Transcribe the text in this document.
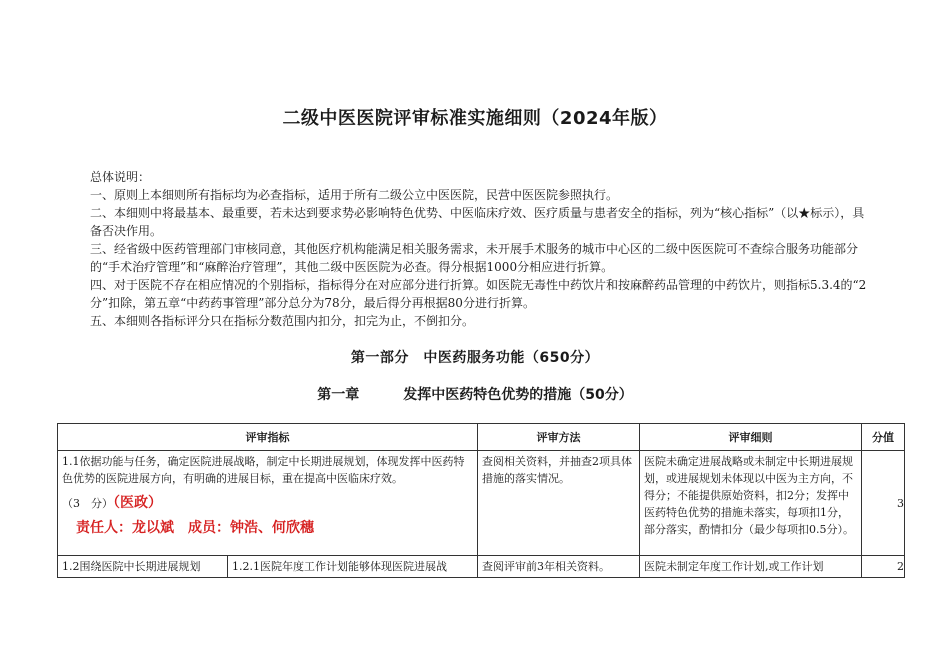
二级中医医院评审标准实施细则（2024年版）

总体说明：

一、原则上本细则所有指标均为必查指标，适用于所有二级公立中医医院，民营中医医院参照执行。

二、本细则中将最基本、最重要，若未达到要求势必影响特色优势、中医临床疗效、医疗质量与患者安全的指标，列为“核心指标”（以★标示），具备否决作用。

三、经省级中医药管理部门审核同意，其他医疗机构能满足相关服务需求，未开展手术服务的城市中心区的二级中医医院可不查综合服务功能部分的“手术治疗管理”和“麻醉治疗管理”，其他二级中医医院为必查。得分根据1000分相应进行折算。

四、对于医院不存在相应情况的个别指标，指标得分在对应部分进行折算。如医院无毒性中药饮片和按麻醉药品管理的中药饮片，则指标5.3.4的“2分”扣除，第五章“中药药事管理”部分总分为78分，最后得分再根据80分进行折算。

五、本细则各指标评分只在指标分数范围内扣分，扣完为止，不倒扣分。

第一部分　中医药服务功能（650分）
第一章	发挥中医药特色优势的措施（50分）
评审指标		评审方法	评审细则	分值

1.1依据功能与任务，确定医院进展战略，制定中长期进展规划，体现发挥中医药特色优势的医院进展方向，有明确的进展目标，重在提高中医临床疗效。
（3　分）（医政）
责任人：龙以斌　成员：钟浩、何欣穗		查阅相关资料，并抽查2项具体措施的落实情况。	医院未确定进展战略或未制定中长期进展规划，或进展规划未体现以中医为主方向，不得分；不能提供原始资料，扣2分；发挥中医药特色优势的措施未落实，每项扣1分，部分落实，酌情扣分（最少每项扣0.5分）。	3

1.2围绕医院中长期进展规划	1.2.1医院年度工作计划能够体现医院进展战	查阅评审前3年相关资料。	医院未制定年度工作计划,或工作计划	2
